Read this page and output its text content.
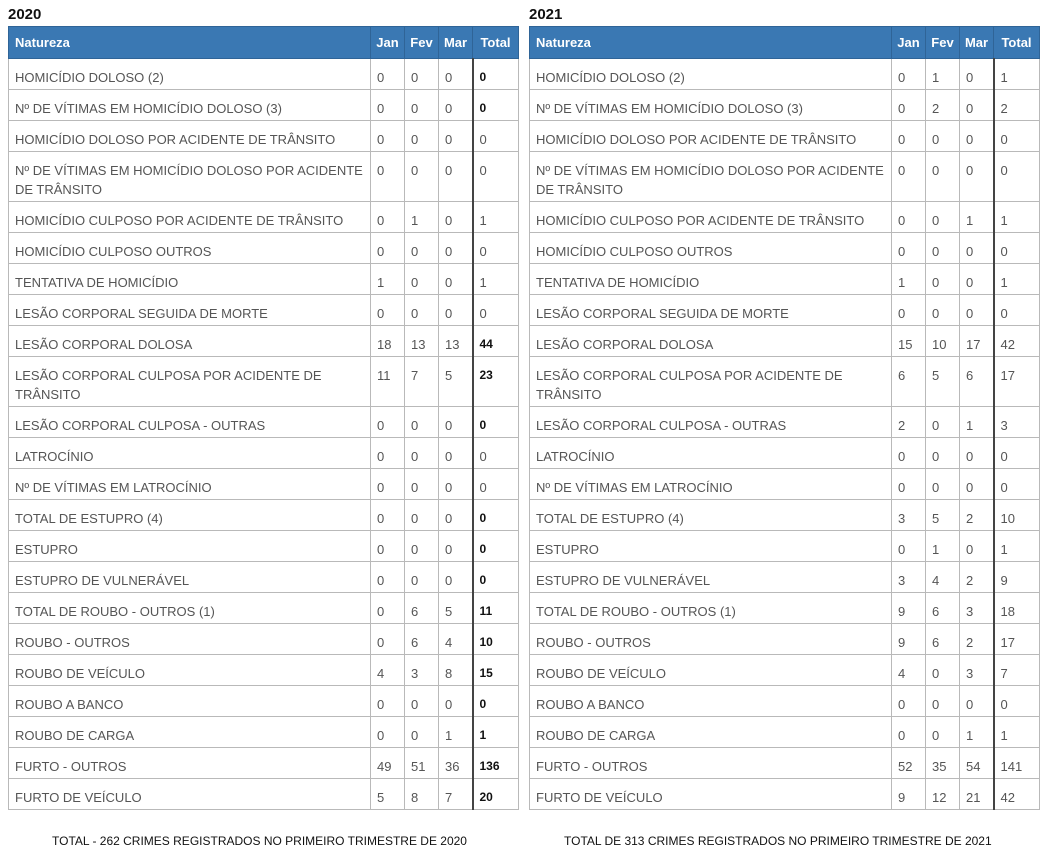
2020
Natureza	Jan	Fev	Mar	Total
HOMICÍDIO DOLOSO (2)	0	0	0	0
Nº DE VÍTIMAS EM HOMICÍDIO DOLOSO (3)	0	0	0	0
HOMICÍDIO DOLOSO POR ACIDENTE DE TRÂNSITO	0	0	0	0
Nº DE VÍTIMAS EM HOMICÍDIO DOLOSO POR ACIDENTE DE TRÂNSITO	0	0	0	0
HOMICÍDIO CULPOSO POR ACIDENTE DE TRÂNSITO	0	1	0	1
HOMICÍDIO CULPOSO OUTROS	0	0	0	0
TENTATIVA DE HOMICÍDIO	1	0	0	1
LESÃO CORPORAL SEGUIDA DE MORTE	0	0	0	0
LESÃO CORPORAL DOLOSA	18	13	13	44
LESÃO CORPORAL CULPOSA POR ACIDENTE DE TRÂNSITO	11	7	5	23
LESÃO CORPORAL CULPOSA - OUTRAS	0	0	0	0
LATROCÍNIO	0	0	0	0
Nº DE VÍTIMAS EM LATROCÍNIO	0	0	0	0
TOTAL DE ESTUPRO (4)	0	0	0	0
ESTUPRO	0	0	0	0
ESTUPRO DE VULNERÁVEL	0	0	0	0
TOTAL DE ROUBO - OUTROS (1)	0	6	5	11
ROUBO - OUTROS	0	6	4	10
ROUBO DE VEÍCULO	4	3	8	15
ROUBO A BANCO	0	0	0	0
ROUBO DE CARGA	0	0	1	1
FURTO - OUTROS	49	51	36	136
FURTO DE VEÍCULO	5	8	7	20
2021
Natureza	Jan	Fev	Mar	Total
HOMICÍDIO DOLOSO (2)	0	1	0	1
Nº DE VÍTIMAS EM HOMICÍDIO DOLOSO (3)	0	2	0	2
HOMICÍDIO DOLOSO POR ACIDENTE DE TRÂNSITO	0	0	0	0
Nº DE VÍTIMAS EM HOMICÍDIO DOLOSO POR ACIDENTE DE TRÂNSITO	0	0	0	0
HOMICÍDIO CULPOSO POR ACIDENTE DE TRÂNSITO	0	0	1	1
HOMICÍDIO CULPOSO OUTROS	0	0	0	0
TENTATIVA DE HOMICÍDIO	1	0	0	1
LESÃO CORPORAL SEGUIDA DE MORTE	0	0	0	0
LESÃO CORPORAL DOLOSA	15	10	17	42
LESÃO CORPORAL CULPOSA POR ACIDENTE DE TRÂNSITO	6	5	6	17
LESÃO CORPORAL CULPOSA - OUTRAS	2	0	1	3
LATROCÍNIO	0	0	0	0
Nº DE VÍTIMAS EM LATROCÍNIO	0	0	0	0
TOTAL DE ESTUPRO (4)	3	5	2	10
ESTUPRO	0	1	0	1
ESTUPRO DE VULNERÁVEL	3	4	2	9
TOTAL DE ROUBO - OUTROS (1)	9	6	3	18
ROUBO - OUTROS	9	6	2	17
ROUBO DE VEÍCULO	4	0	3	7
ROUBO A BANCO	0	0	0	0
ROUBO DE CARGA	0	0	1	1
FURTO - OUTROS	52	35	54	141
FURTO DE VEÍCULO	9	12	21	42
TOTAL - 262 CRIMES REGISTRADOS NO PRIMEIRO TRIMESTRE DE 2020	TOTAL DE 313 CRIMES REGISTRADOS NO PRIMEIRO TRIMESTRE DE 2021
